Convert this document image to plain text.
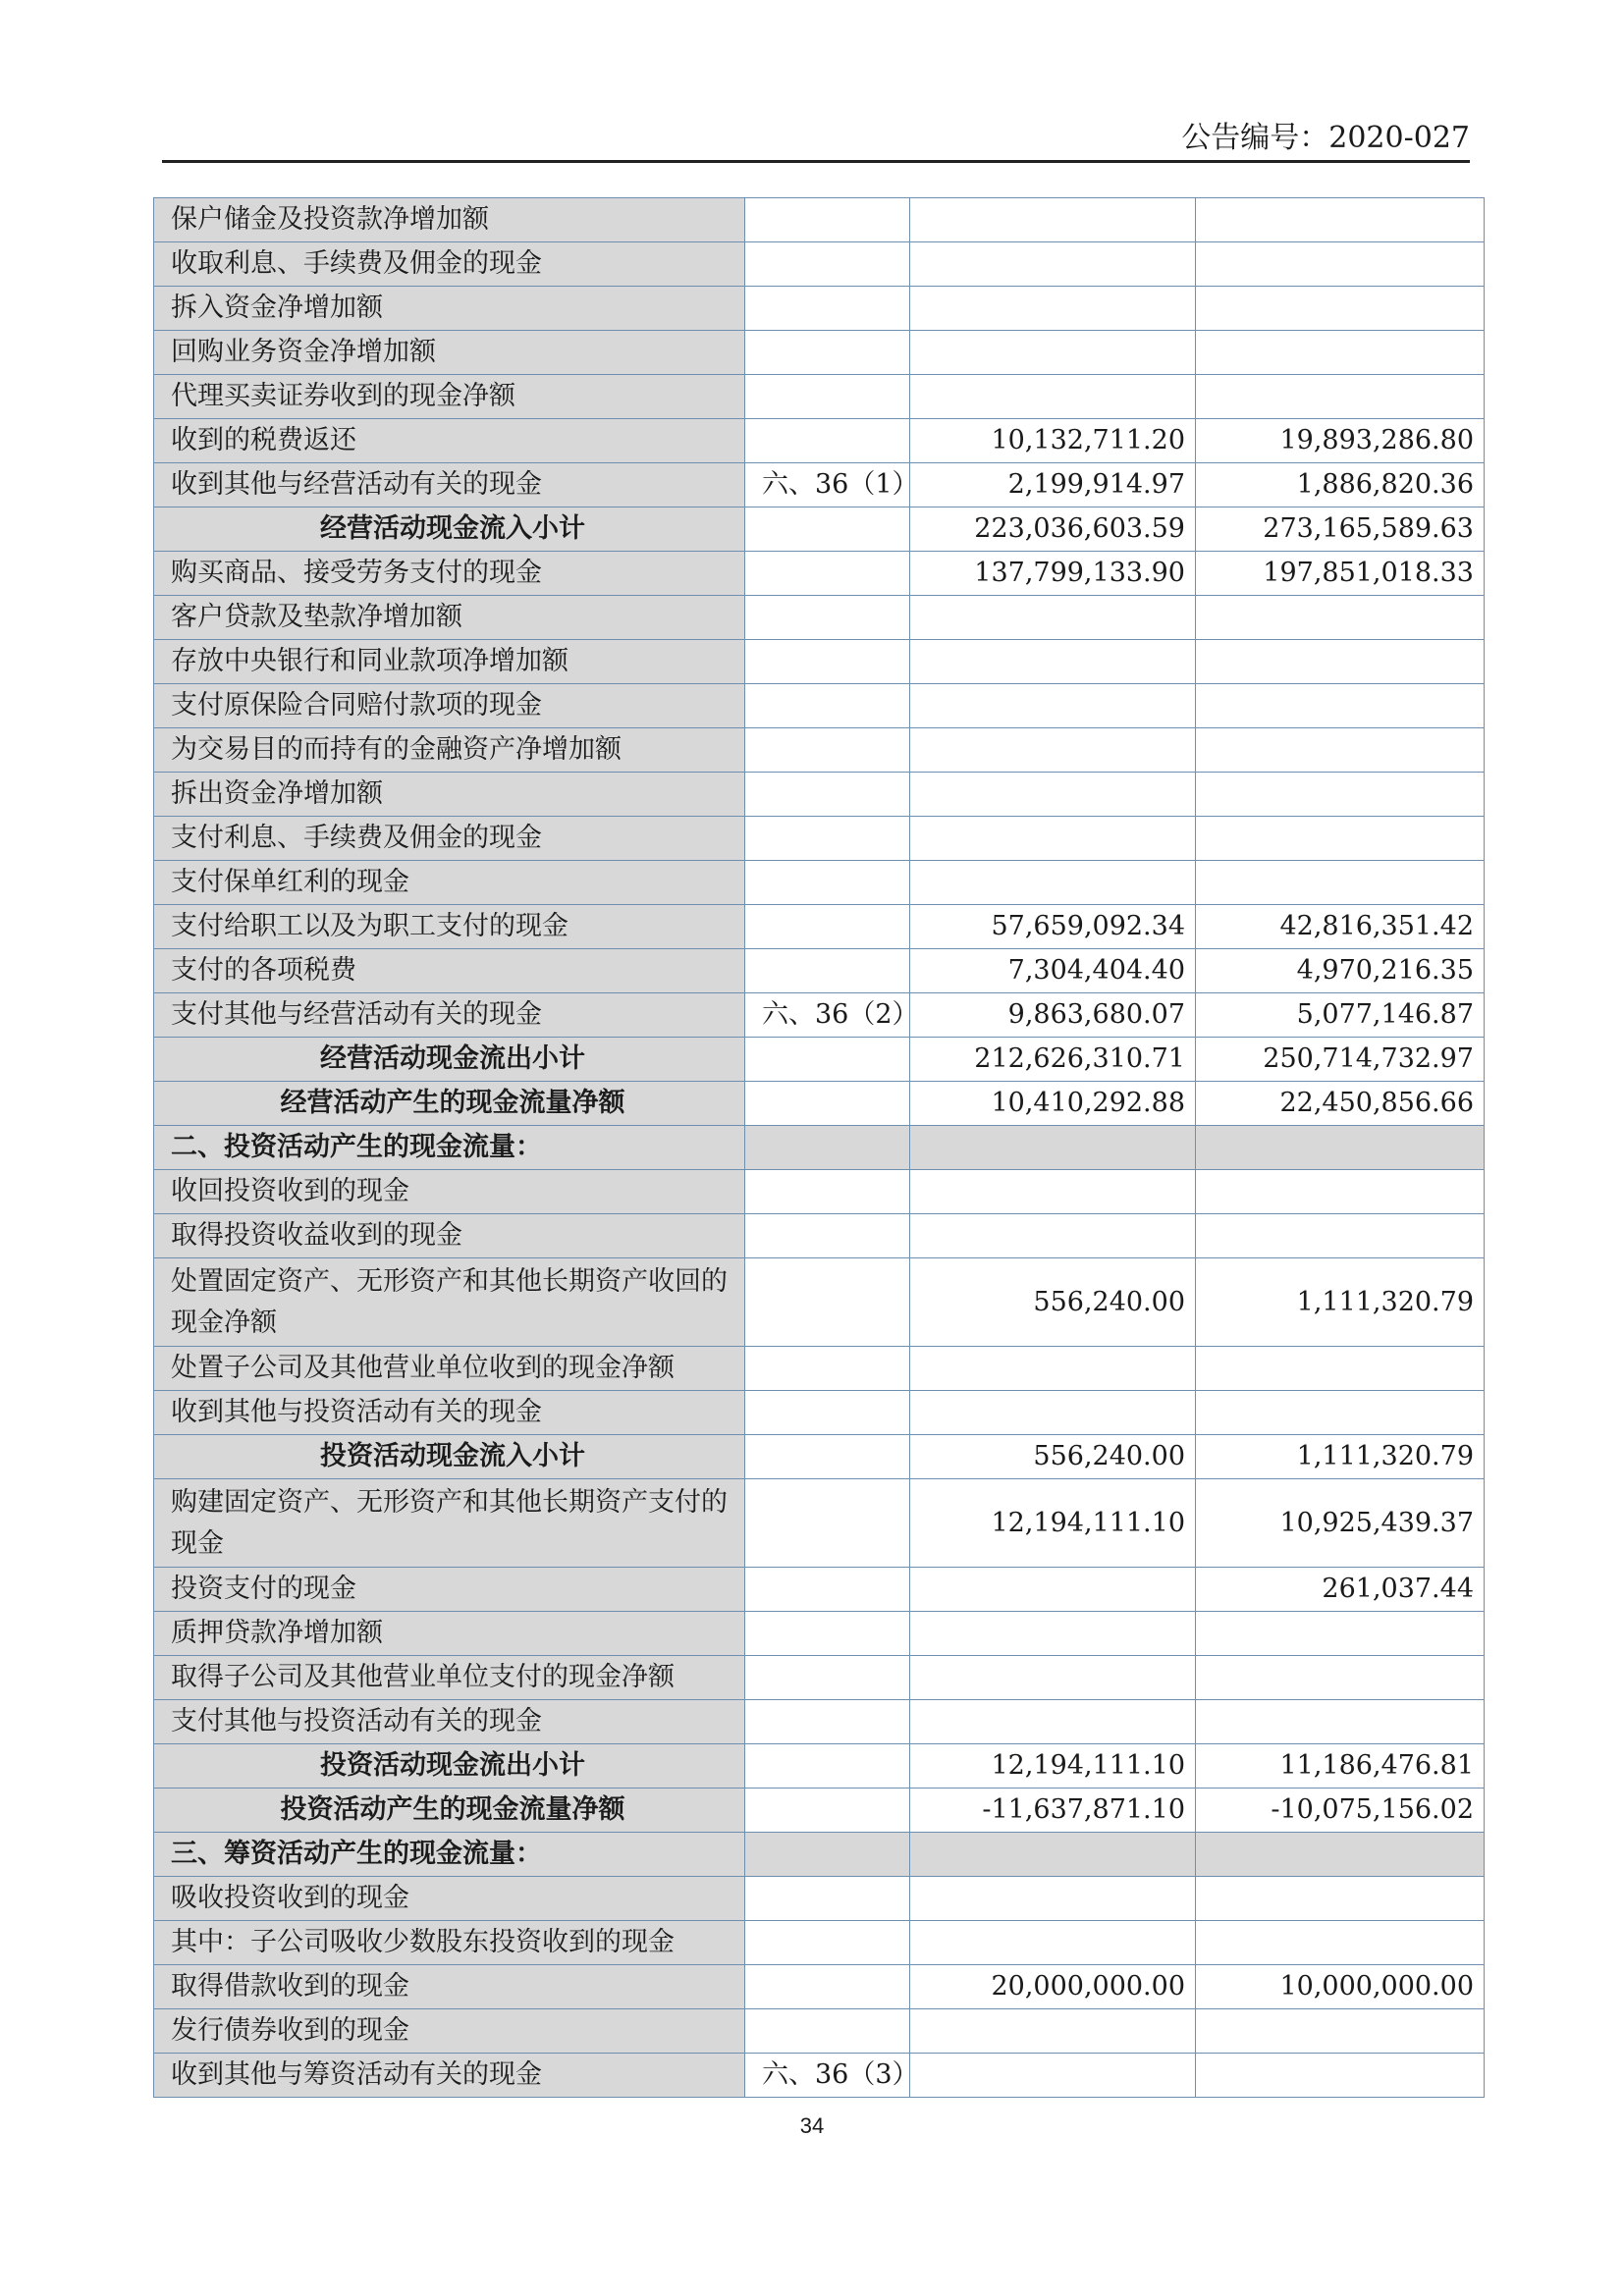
公告编号：2020-027
保户储金及投资款净增加额			
收取利息、手续费及佣金的现金			
拆入资金净增加额			
回购业务资金净增加额			
代理买卖证券收到的现金净额			
收到的税费返还		10,132,711.20	19,893,286.80
收到其他与经营活动有关的现金	六、36（1）	2,199,914.97	1,886,820.36
经营活动现金流入小计		223,036,603.59	273,165,589.63
购买商品、接受劳务支付的现金		137,799,133.90	197,851,018.33
客户贷款及垫款净增加额			
存放中央银行和同业款项净增加额			
支付原保险合同赔付款项的现金			
为交易目的而持有的金融资产净增加额			
拆出资金净增加额			
支付利息、手续费及佣金的现金			
支付保单红利的现金			
支付给职工以及为职工支付的现金		57,659,092.34	42,816,351.42
支付的各项税费		7,304,404.40	4,970,216.35
支付其他与经营活动有关的现金	六、36（2）	9,863,680.07	5,077,146.87
经营活动现金流出小计		212,626,310.71	250,714,732.97
经营活动产生的现金流量净额		10,410,292.88	22,450,856.66
二、投资活动产生的现金流量：			
收回投资收到的现金			
取得投资收益收到的现金			
处置固定资产、无形资产和其他长期资产收回的现金净额		556,240.00	1,111,320.79
处置子公司及其他营业单位收到的现金净额			
收到其他与投资活动有关的现金			
投资活动现金流入小计		556,240.00	1,111,320.79
购建固定资产、无形资产和其他长期资产支付的现金		12,194,111.10	10,925,439.37
投资支付的现金			261,037.44
质押贷款净增加额			
取得子公司及其他营业单位支付的现金净额			
支付其他与投资活动有关的现金			
投资活动现金流出小计		12,194,111.10	11,186,476.81
投资活动产生的现金流量净额		-11,637,871.10	-10,075,156.02
三、筹资活动产生的现金流量：			
吸收投资收到的现金			
其中：子公司吸收少数股东投资收到的现金			
取得借款收到的现金		20,000,000.00	10,000,000.00
发行债券收到的现金			
收到其他与筹资活动有关的现金	六、36（3）		
34
